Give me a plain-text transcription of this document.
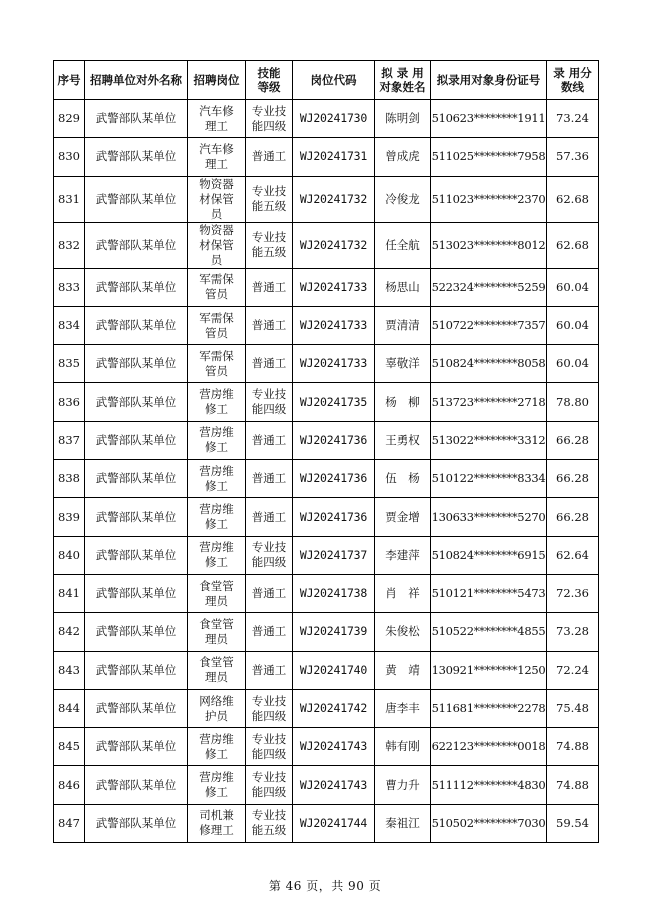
序号	招聘单位对外名称	招聘岗位	技能等级	岗位代码	拟 录 用对象姓名	拟录用对象身份证号	录 用分数线

829	武警部队某单位	汽车修理工	专业技能四级	WJ20241730	陈明剑	510623********1911	73.24
830	武警部队某单位	汽车修理工	普通工	WJ20241731	曾成虎	511025********7958	57.36
831	武警部队某单位	物资器材保管员	专业技能五级	WJ20241732	冷俊龙	511023********2370	62.68
832	武警部队某单位	物资器材保管员	专业技能五级	WJ20241732	任全航	513023********8012	62.68
833	武警部队某单位	军需保管员	普通工	WJ20241733	杨思山	522324********5259	60.04
834	武警部队某单位	军需保管员	普通工	WJ20241733	贾清清	510722********7357	60.04
835	武警部队某单位	军需保管员	普通工	WJ20241733	辜敬洋	510824********8058	60.04
836	武警部队某单位	营房维修工	专业技能四级	WJ20241735	杨　柳	513723********2718	78.80
837	武警部队某单位	营房维修工	普通工	WJ20241736	王勇权	513022********3312	66.28
838	武警部队某单位	营房维修工	普通工	WJ20241736	伍　杨	510122********8334	66.28
839	武警部队某单位	营房维修工	普通工	WJ20241736	贾金增	130633********5270	66.28
840	武警部队某单位	营房维修工	专业技能四级	WJ20241737	李建萍	510824********6915	62.64
841	武警部队某单位	食堂管理员	普通工	WJ20241738	肖　祥	510121********5473	72.36
842	武警部队某单位	食堂管理员	普通工	WJ20241739	朱俊松	510522********4855	73.28
843	武警部队某单位	食堂管理员	普通工	WJ20241740	黄　靖	130921********1250	72.24
844	武警部队某单位	网络维护员	专业技能四级	WJ20241742	唐李丰	511681********2278	75.48
845	武警部队某单位	营房维修工	专业技能四级	WJ20241743	韩有刚	622123********0018	74.88
846	武警部队某单位	营房维修工	专业技能四级	WJ20241743	曹力升	511112********4830	74.88
847	武警部队某单位	司机兼修理工	专业技能五级	WJ20241744	秦祖江	510502********7030	59.54
第 46 页，共 90 页
